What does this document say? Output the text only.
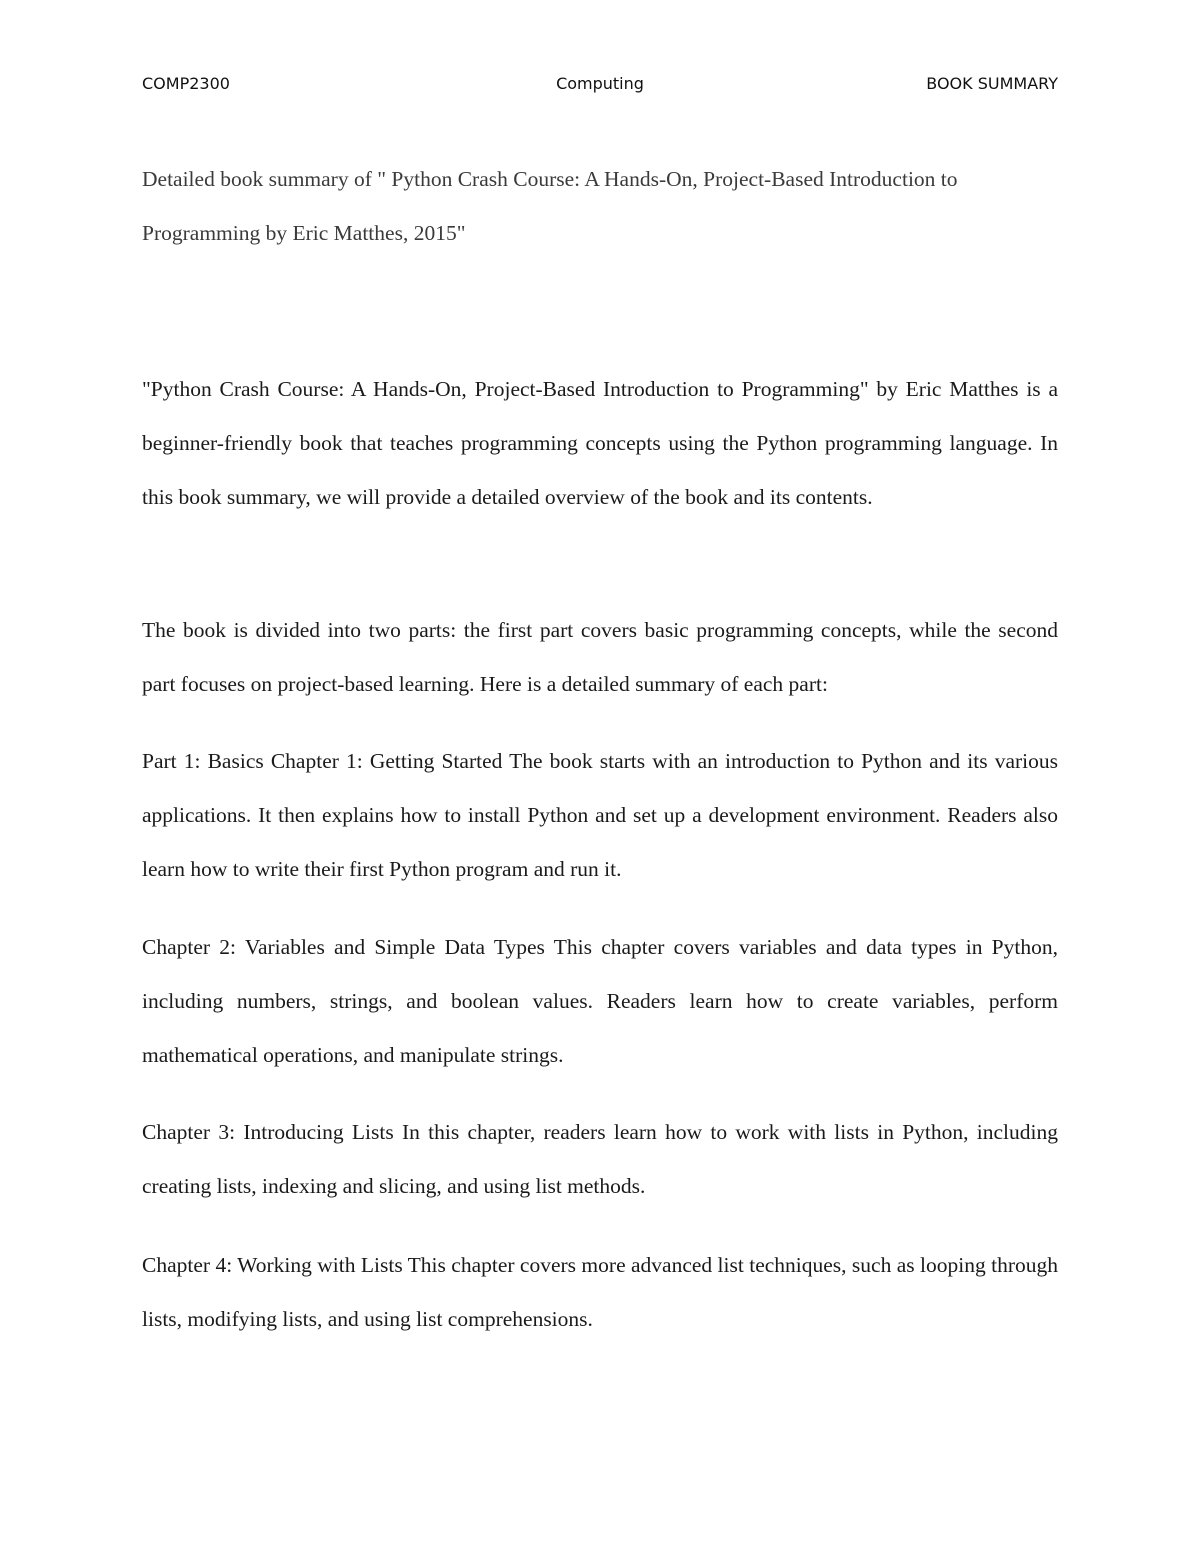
COMP2300	Computing	BOOK SUMMARY

Detailed book summary of " Python Crash Course: A Hands-On, Project-Based Introduction to Programming by Eric Matthes, 2015"

"Python Crash Course: A Hands-On, Project-Based Introduction to Programming" by Eric Matthes is a beginner-friendly book that teaches programming concepts using the Python programming language. In this book summary, we will provide a detailed overview of the book and its contents.

The book is divided into two parts: the first part covers basic programming concepts, while the second part focuses on project-based learning. Here is a detailed summary of each part:

Part 1: Basics Chapter 1: Getting Started The book starts with an introduction to Python and its various applications. It then explains how to install Python and set up a development environment. Readers also learn how to write their first Python program and run it.

Chapter 2: Variables and Simple Data Types This chapter covers variables and data types in Python, including numbers, strings, and boolean values. Readers learn how to create variables, perform mathematical operations, and manipulate strings.

Chapter 3: Introducing Lists In this chapter, readers learn how to work with lists in Python, including creating lists, indexing and slicing, and using list methods.

Chapter 4: Working with Lists This chapter covers more advanced list techniques, such as looping through lists, modifying lists, and using list comprehensions.
